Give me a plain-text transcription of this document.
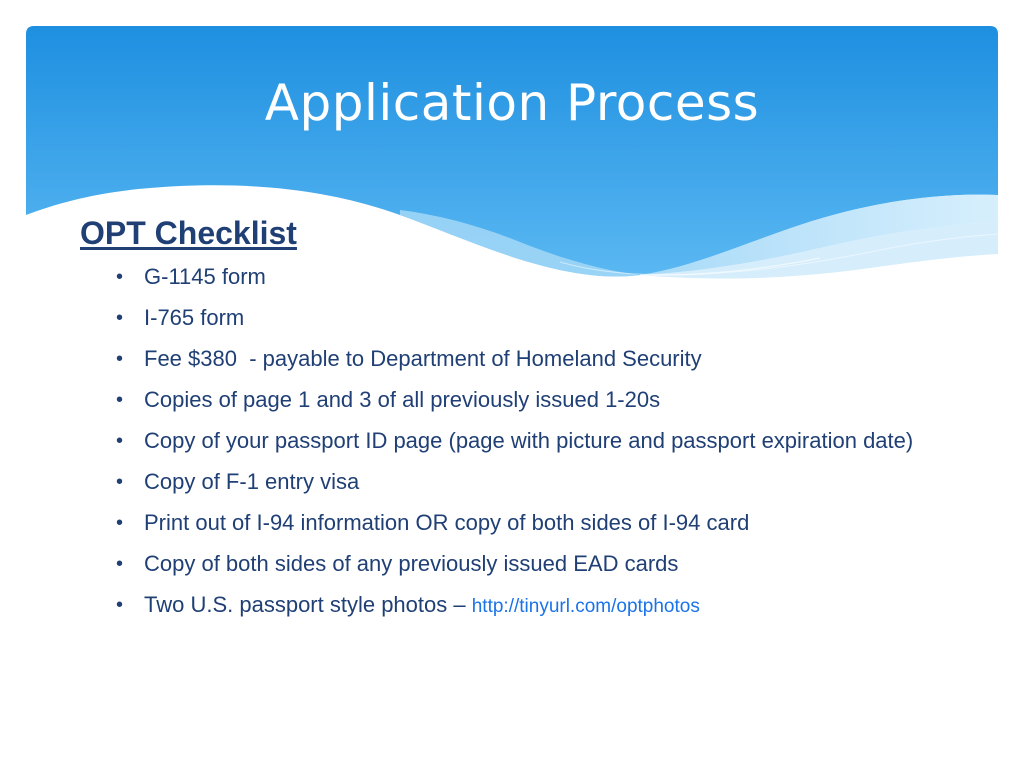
Application Process
OPT Checklist
• G-1145 form
• I-765 form
• Fee $380  - payable to Department of Homeland Security
• Copies of page 1 and 3 of all previously issued 1-20s
• Copy of your passport ID page (page with picture and passport expiration date)
• Copy of F-1 entry visa
• Print out of I-94 information OR copy of both sides of I-94 card
• Copy of both sides of any previously issued EAD cards
• Two U.S. passport style photos – http://tinyurl.com/optphotos
